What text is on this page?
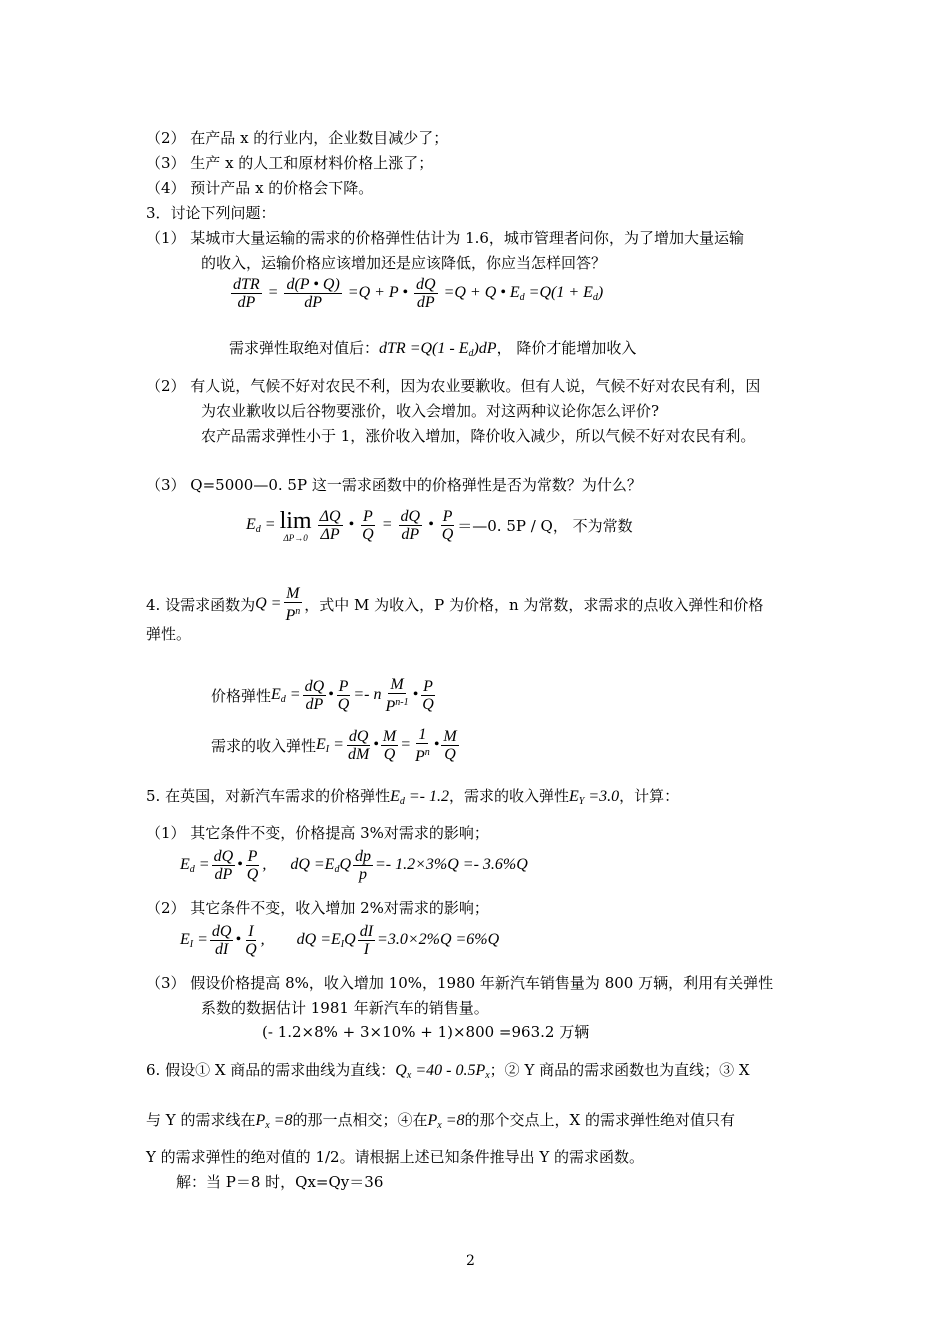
（2） 在产品 x 的行业内，企业数目减少了；
（3） 生产 x 的人工和原材料价格上涨了；
（4） 预计产品 x 的价格会下降。
3．讨论下列问题：
（1） 某城市大量运输的需求的价格弹性估计为 1.6，城市管理者问你，为了增加大量运输
的收入，运输价格应该增加还是应该降低，你应当怎样回答？
$\frac{\text{dTR}}{dP} = \frac{d(P • Q)}{dP} =Q + P$ • $\frac{dQ}{dP} =Q + Q$ • $E_d =Q(1 + E_d)$
需求弹性取绝对值后：dTR $=Q(1 - E_d)dP$， 降价才能增加收入
（2） 有人说，气候不好对农民不利，因为农业要歉收。但有人说，气候不好对农民有利，因
为农业歉收以后谷物要涨价，收入会增加。对这两种议论你怎么评价?
农产品需求弹性小于 1，涨价收入增加，降价收入减少，所以气候不好对农民有利。
（3） Q=5000—0. 5P 这一需求函数中的价格弹性是否为常数？为什么？
$E_d = \lim$
ΔP→0
$\frac{\Delta Q}{\Delta P}$ • $\frac{P}{Q} = \frac{dQ}{dP}$ • $\frac{P}{Q}$ ＝—0. 5P / Q， 不为常数
4. 设需求函数为 $Q = \frac{M}{P^n}$ ，式中 M 为收入，P 为价格，n 为常数，求需求的点收入弹性和价格
弹性。
价格弹性 $E_d = \frac{dQ}{dP}$ • $\frac{P}{Q} =- n \frac{M}{P^{n-1}}$ • $\frac{P}{Q}$
需求的收入弹性 $E_I = \frac{dQ}{dM}$ • $\frac{M}{Q} = \frac{1}{P^n}$ • $\frac{M}{Q}$
5. 在英国，对新汽车需求的价格弹性$E_d =- 1.2$，需求的收入弹性$E_Y =3.0$，计算：
（1） 其它条件不变，价格提高 3%对需求的影响；
$E_d = \frac{dQ}{dP}$ • $\frac{P}{Q}$ ,      dQ $=E_dQ \frac{dp}{p} =- 1.2\times 3\%Q =- 3.6\%Q$
（2） 其它条件不变，收入增加 2%对需求的影响；
$E_I = \frac{dQ}{dI}$ • $\frac{I}{Q}$ ,        dQ $=E_IQ \frac{dI}{I} =3.0\times 2\%Q =6\%Q$
（3） 假设价格提高 8%，收入增加 10%，1980 年新汽车销售量为 800 万辆，利用有关弹性
系数的数据估计 1981 年新汽车的销售量。
(- 1.2×8% + 3×10% + 1)×800 =963.2 万辆
6. 假设① X 商品的需求曲线为直线：$Q_x =40 - 0.5P_x$；② Y 商品的需求函数也为直线；③ X
与 Y 的需求线在$P_x =8$的那一点相交；④在$P_x =8$的那个交点上，X 的需求弹性绝对值只有
Y 的需求弹性的绝对值的 1/2。请根据上述已知条件推导出 Y 的需求函数。
解：当 P＝8 时，Qx=Qy＝36
2
